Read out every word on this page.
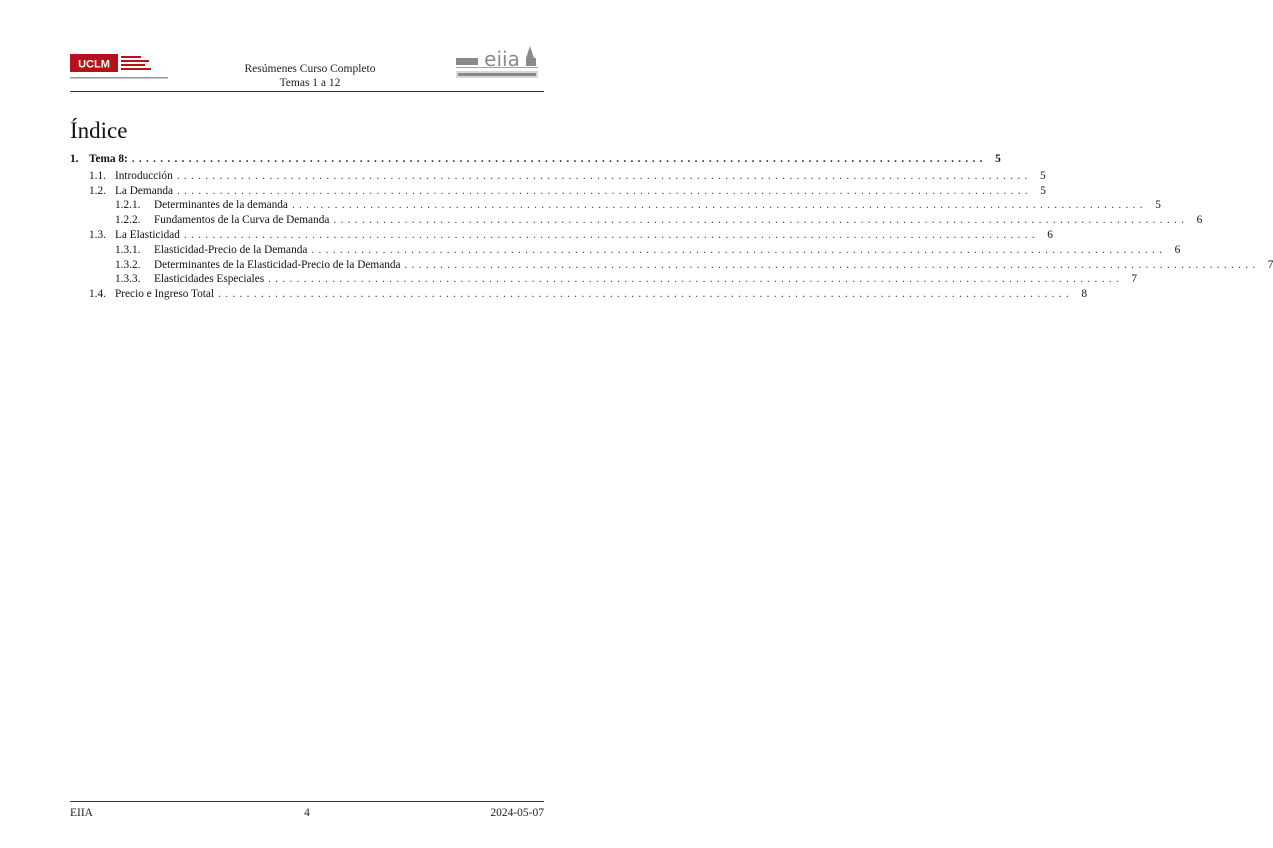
UCLM	Resúmenes Curso Completo
Temas 1 a 12
eiia
Índice
1. Tema 8: ........................................................................................................................ 5
1.1. Introducción ........................................................................................................................ 5
1.2. La Demanda ........................................................................................................................ 5
1.2.1.	Determinantes de la demanda ........................................................................................................................ 5
1.2.2.	Fundamentos de la Curva de Demanda ........................................................................................................................ 6
1.3. La Elasticidad ........................................................................................................................ 6
1.3.1.	Elasticidad-Precio de la Demanda ........................................................................................................................ 6
1.3.2.	Determinantes de la Elasticidad-Precio de la Demanda ........................................................................................................................ 7
1.3.3.	Elasticidades Especiales ........................................................................................................................ 7
1.4. Precio e Ingreso Total ........................................................................................................................ 8
EIIA	4	2024-05-07
